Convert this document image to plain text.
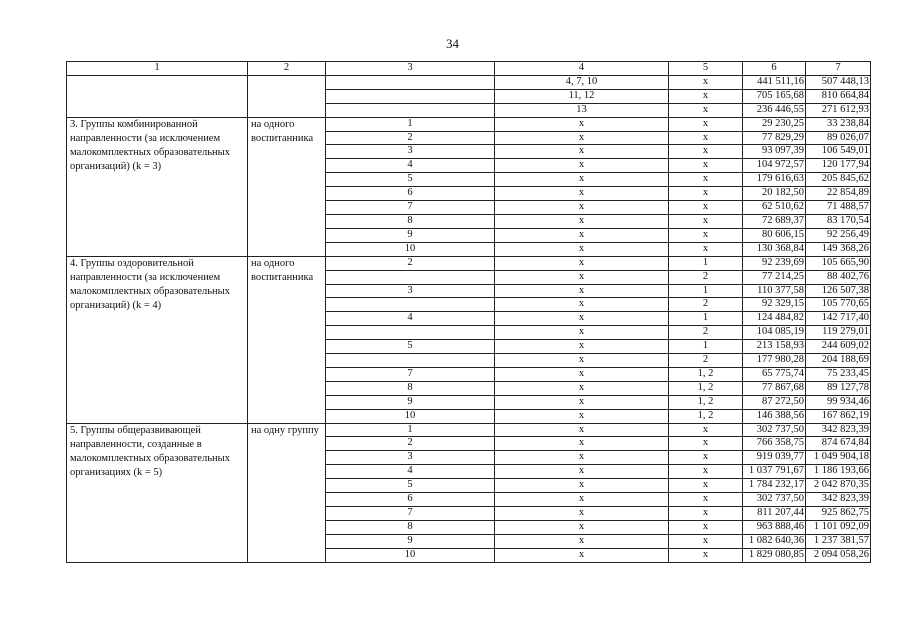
34
1	2	3	4	5	6	7
			4, 7, 10	x	441 511,16	507 448,13
			11, 12	x	705 165,68	810 664,84
			13	x	236 446,55	271 612,93
3. Группы комбинированной направленности (за исключением малокомплектных образовательных организаций) (k = 3)	на одного воспитанника	1	x	x	29 230,25	33 238,84
		2	x	x	77 829,29	89 026,07
		3	x	x	93 097,39	106 549,01
		4	x	x	104 972,57	120 177,94
		5	x	x	179 616,63	205 845,62
		6	x	x	20 182,50	22 854,89
		7	x	x	62 510,62	71 488,57
		8	x	x	72 689,37	83 170,54
		9	x	x	80 606,15	92 256,49
		10	x	x	130 368,84	149 368,26
4. Группы оздоровительной направленности (за исключением малокомплектных образовательных организаций) (k = 4)	на одного воспитанника	2	x	1	92 239,69	105 665,90
			x	2	77 214,25	88 402,76
		3	x	1	110 377,58	126 507,38
			x	2	92 329,15	105 770,65
		4	x	1	124 484,82	142 717,40
			x	2	104 085,19	119 279,01
		5	x	1	213 158,93	244 609,02
			x	2	177 980,28	204 188,69
		7	x	1, 2	65 775,74	75 233,45
		8	x	1, 2	77 867,68	89 127,78
		9	x	1, 2	87 272,50	99 934,46
		10	x	1, 2	146 388,56	167 862,19
5. Группы общеразвивающей направленности, созданные в малокомплектных образовательных организациях (k = 5)	на одну группу	1	x	x	302 737,50	342 823,39
		2	x	x	766 358,75	874 674,84
		3	x	x	919 039,77	1 049 904,18
		4	x	x	1 037 791,67	1 186 193,66
		5	x	x	1 784 232,17	2 042 870,35
		6	x	x	302 737,50	342 823,39
		7	x	x	811 207,44	925 862,75
		8	x	x	963 888,46	1 101 092,09
		9	x	x	1 082 640,36	1 237 381,57
		10	x	x	1 829 080,85	2 094 058,26
